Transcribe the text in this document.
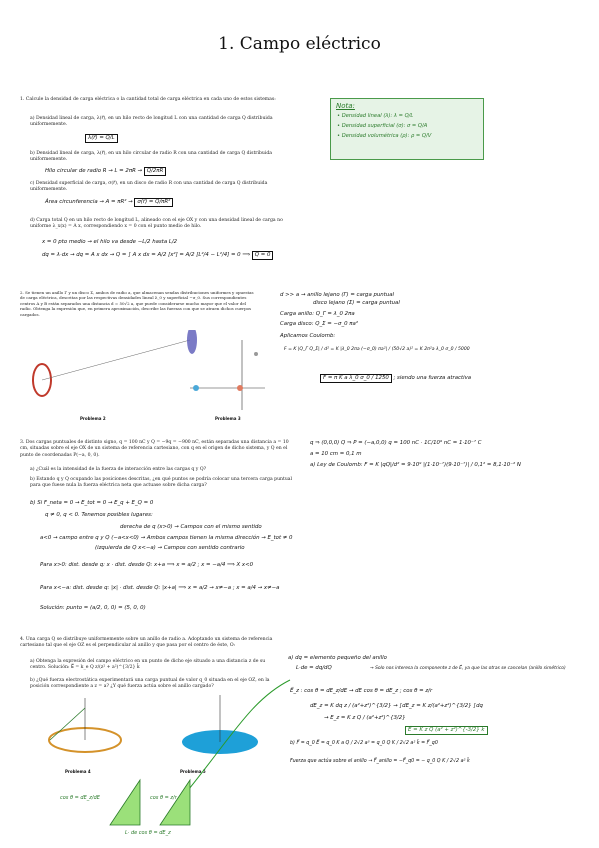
1. Campo eléctrico
Nota:
• Densidad lineal (λ): λ = Q/L
• Densidad superficial (σ): σ = Q/A
• Densidad volumétrica (ρ): ρ = Q/V
1. Calcule la densidad de carga eléctrica o la cantidad total de carga eléctrica en cada uno de estos sistemas:
a) Densidad lineal de carga, λ(r⃗), en un hilo recto de longitud L con una cantidad de carga Q distribuida uniformemente.
λ(r⃗) = Q/L
b) Densidad lineal de carga, λ(r⃗), en un hilo circular de radio R con una cantidad de carga Q distribuida uniformemente.
Hilo circular de radio R → L = 2πR → Q/2πR
c) Densidad superficial de carga, σ(r⃗), en un disco de radio R con una cantidad de carga Q distribuida uniformemente.
Área circunferencia → A = πR² → σ(r⃗) = Q/πR²
d) Carga total Q en un hilo recto de longitud L, alineado con el eje OX y con una densidad lineal de carga no uniforme λ_x(x) = A x, correspondiendo x = 0 con el punto medio de hilo.
x = 0 pto medio → el hilo va desde −L/2 hasta L/2
dq = λ·dx → dq = A x dx → Q = ∫ A x dx = A/2 [x²] = A/2 [L²/4 − L²/4] = 0 ⟹ Q = 0
2. Se tienen un anillo Γ y un disco Σ, ambos de radio a, que almacenan sendas distribuciones uniformes y opuestas de carga eléctrica, descritas por las respectivas densidades lineal λ_0 y superficial −σ_0. Sus correspondientes centros A y B están separados una distancia d = 50√2 a, que puede considerarse mucho mayor que el valor del radio. Obtenga la expresión que, en primera aproximación, describe las fuerzas con que se atraen dichos cuerpos cargados.
Problema 2	Problema 3
d >> a → anillo lejano (Γ) = carga puntual
disco lejano (Σ) = carga puntual
Carga anillo: Q_Γ = λ_0 2πa
Carga disco: Q_Σ = −σ_0 πa²
Aplicamos Coulomb:
F = K |Q_Γ Q_Σ| / d² = K |λ_0 2πa (−σ_0) πa²| / (50√2 a)² = K 2π²a λ_0 σ_0 / 5000
F = π K a λ_0 σ_0 / 1250 ; siendo una fuerza atractiva
3. Dos cargas puntuales de distinto signo, q = 100 nC y Q = −9q = −900 nC, están separadas una distancia a = 10 cm, situadas sobre el eje OX de un sistema de referencia cartesiano, con q en el origen de dicho sistema, y Q en el punto de coordenadas P(−a, 0, 0).
a) ¿Cuál es la intensidad de la fuerza de interacción entre las cargas q y Q?
b) Estando q y Q ocupando las posiciones descritas, ¿en qué puntos se podría colocar una tercera carga puntual para que fuese nula la fuerza eléctrica neta que actuase sobre dicha carga?
q ⇒ (0,0,0) Q ⇒ P = (−a,0,0) q = 100 nC · 1C/10⁹ nC = 1·10⁻⁷ C
a = 10 cm = 0,1 m
a) Ley de Coulomb: F = K |qQ|/d² = 9·10⁹ |(1·10⁻⁷)(9·10⁻⁷)| / 0,1² = 8,1·10⁻² N
b) Si F_neta = 0 → E_tot = 0 → E_q + E_Q = 0
q ≠ 0, q < 0. Tenemos posibles lugares:
derecha de q (x>0) → Campos con el mismo sentido
a<0 → campo entre q y Q (−a<x<0) → Ambos campos tienen la misma dirección → E_tot ≠ 0
(izquierda de Q x<−a) → Campos con sentido contrario
Para x>0: dist. desde q: x · dist. desde Q: x+a ⟹ x = a/2 ; x = −a/4 ⟹ X x<0
Para x<−a: dist. desde q: |x| · dist. desde Q: |x+a| ⟹ x = a/2 → x≠−a ; x = a/4 → x≠−a
Solución: punto = (a/2, 0, 0) = (5, 0, 0)
4. Una carga Q se distribuye uniformemente sobre un anillo de radio a. Adoptando un sistema de referencia cartesiano tal que el eje OZ es el perpendicular al anillo y que pasa por el centro de éste, O:
a) Obtenga la expresión del campo eléctrico en un punto de dicho eje situado a una distancia z de su centro. Solución: E⃗ = k_e Q z/(z² + a²)^{3/2} k̂
b) ¿Qué fuerza electrostática experimentará una carga puntual de valor q_0 situada en el eje OZ, en la posición correspondiente a z = a? ¿Y qué fuerza actúa sobre el anillo cargado?
Problema 4	Problema 5
a) dq = elemento pequeño del anillo
L·de = dq/dQ	→ Solo nos interesa la componente z de E⃗, ya que las otras se cancelan (anillo simétrico)
E⃗_z : cos θ = dE_z/dE → dE cos θ = dE_z ; cos θ = z/r
dE_z = K dq z / (a²+z²)^{3/2} → ∫dE_z = K z/(a²+z²)^{3/2} ∫dq
→ E_z = K z Q / (a²+z²)^{3/2}
E⃗ = K z Q (a² + z²)^{-3/2} k̂
b) F⃗ = q_0 E⃗ = q_0 K a Q / 2√2 a³ = q_0 Q K / 2√2 a² k̂ = F⃗_q0
Fuerza que actúa sobre el anillo → F⃗_anillo = −F⃗_q0 = − q_0 Q K / 2√2 a² k̂
cos θ = dE_z/dE	cos θ = z/r
L· de cos θ = dE_z
